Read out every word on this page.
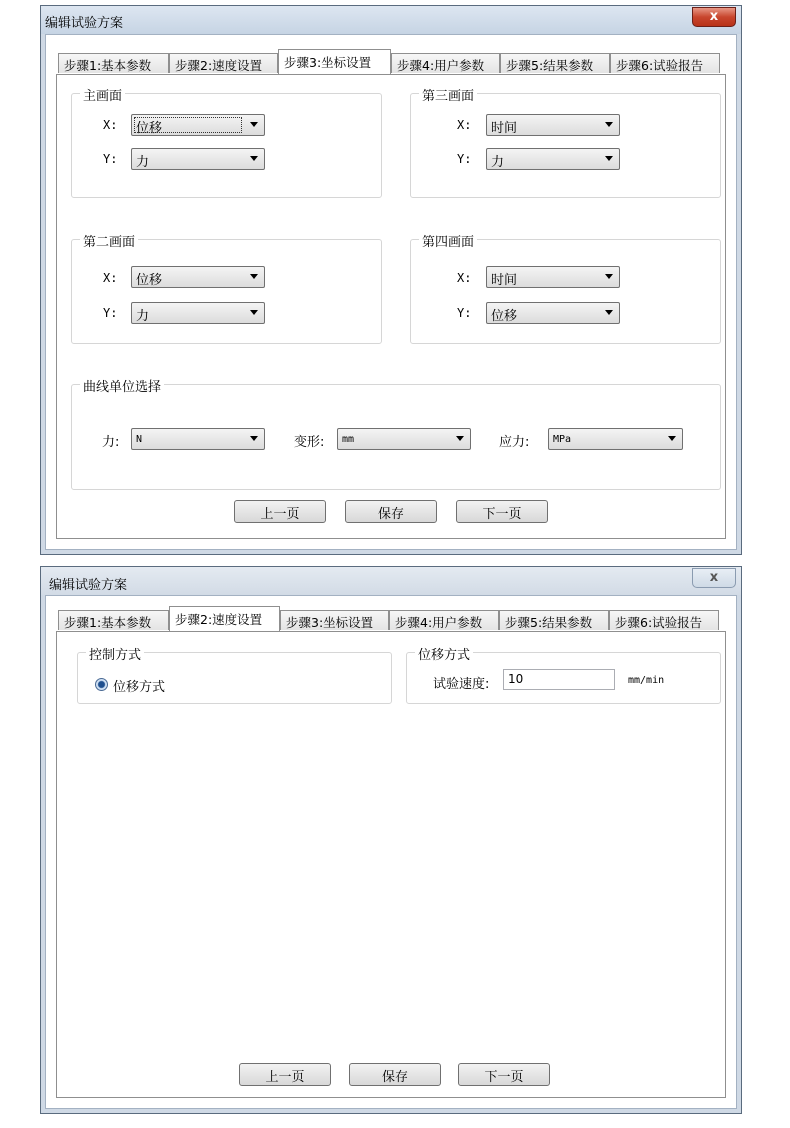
编辑试验方案	x
步骤1:基本参数	步骤2:速度设置	步骤3:坐标设置	步骤4:用户参数	步骤5:结果参数	步骤6:试验报告
主画面
X: 位移
Y: 力
第三画面
X: 时间
Y: 力
第二画面
X: 位移
Y: 力
第四画面
X: 时间
Y: 位移
曲线单位选择
力: N	变形: mm	应力: MPa
上一页	保存	下一页
编辑试验方案
x
步骤1:基本参数	步骤2:速度设置	步骤3:坐标设置	步骤4:用户参数	步骤5:结果参数	步骤6:试验报告
控制方式
位移方式
位移方式
试验速度: 10	mm/min
上一页	保存	下一页
